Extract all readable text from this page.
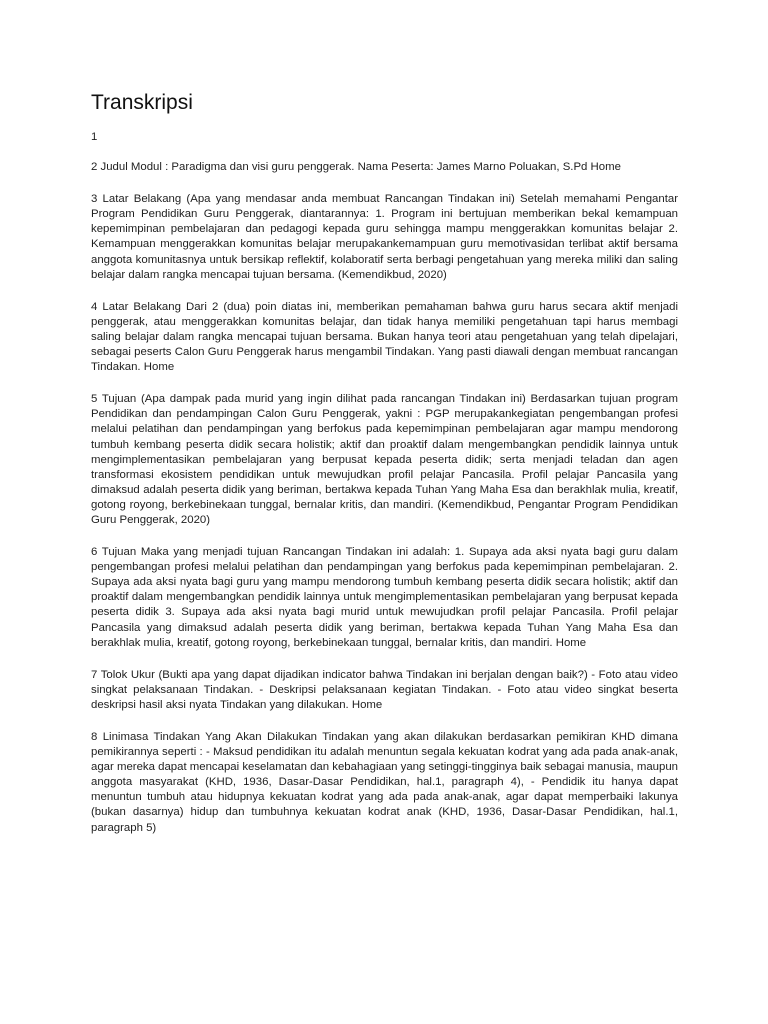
Transkripsi

1

2 Judul Modul : Paradigma dan visi guru penggerak. Nama Peserta: James Marno Poluakan, S.Pd Home

3 Latar Belakang (Apa yang mendasar anda membuat Rancangan Tindakan ini) Setelah memahami Pengantar Program Pendidikan Guru Penggerak, diantarannya: 1. Program ini bertujuan memberikan bekal kemampuan kepemimpinan pembelajaran dan pedagogi kepada guru sehingga mampu menggerakkan komunitas belajar 2. Kemampuan menggerakkan komunitas belajar merupakankemampuan guru memotivasidan terlibat aktif bersama anggota komunitasnya untuk bersikap reflektif, kolaboratif serta berbagi pengetahuan yang mereka miliki dan saling belajar dalam rangka mencapai tujuan bersama. (Kemendikbud, 2020)

4 Latar Belakang Dari 2 (dua) poin diatas ini, memberikan pemahaman bahwa guru harus secara aktif menjadi penggerak, atau menggerakkan komunitas belajar, dan tidak hanya memiliki pengetahuan tapi harus membagi saling belajar dalam rangka mencapai tujuan bersama. Bukan hanya teori atau pengetahuan yang telah dipelajari, sebagai peserts Calon Guru Penggerak harus mengambil Tindakan. Yang pasti diawali dengan membuat rancangan Tindakan. Home

5 Tujuan (Apa dampak pada murid yang ingin dilihat pada rancangan Tindakan ini) Berdasarkan tujuan program Pendidikan dan pendampingan Calon Guru Penggerak, yakni : PGP merupakankegiatan pengembangan profesi melalui pelatihan dan pendampingan yang berfokus pada kepemimpinan pembelajaran agar mampu mendorong tumbuh kembang peserta didik secara holistik; aktif dan proaktif dalam mengembangkan pendidik lainnya untuk mengimplementasikan pembelajaran yang berpusat kepada peserta didik; serta menjadi teladan dan agen transformasi ekosistem pendidikan untuk mewujudkan profil pelajar Pancasila. Profil pelajar Pancasila yang dimaksud adalah peserta didik yang beriman, bertakwa kepada Tuhan Yang Maha Esa dan berakhlak mulia, kreatif, gotong royong, berkebinekaan tunggal, bernalar kritis, dan mandiri. (Kemendikbud, Pengantar Program Pendidikan Guru Penggerak, 2020)

6 Tujuan Maka yang menjadi tujuan Rancangan Tindakan ini adalah: 1. Supaya ada aksi nyata bagi guru dalam pengembangan profesi melalui pelatihan dan pendampingan yang berfokus pada kepemimpinan pembelajaran. 2. Supaya ada aksi nyata bagi guru yang mampu mendorong tumbuh kembang peserta didik secara holistik; aktif dan proaktif dalam mengembangkan pendidik lainnya untuk mengimplementasikan pembelajaran yang berpusat kepada peserta didik 3. Supaya ada aksi nyata bagi murid untuk mewujudkan profil pelajar Pancasila. Profil pelajar Pancasila yang dimaksud adalah peserta didik yang beriman, bertakwa kepada Tuhan Yang Maha Esa dan berakhlak mulia, kreatif, gotong royong, berkebinekaan tunggal, bernalar kritis, dan mandiri. Home

7 Tolok Ukur (Bukti apa yang dapat dijadikan indicator bahwa Tindakan ini berjalan dengan baik?) - Foto atau video singkat pelaksanaan Tindakan. - Deskripsi pelaksanaan kegiatan Tindakan. - Foto atau video singkat beserta deskripsi hasil aksi nyata Tindakan yang dilakukan. Home

8 Linimasa Tindakan Yang Akan Dilakukan Tindakan yang akan dilakukan berdasarkan pemikiran KHD dimana pemikirannya seperti : - Maksud pendidikan itu adalah menuntun segala kekuatan kodrat yang ada pada anak-anak, agar mereka dapat mencapai keselamatan dan kebahagiaan yang setinggi-tingginya baik sebagai manusia, maupun anggota masyarakat (KHD, 1936, Dasar-Dasar Pendidikan, hal.1, paragraph 4), - Pendidik itu hanya dapat menuntun tumbuh atau hidupnya kekuatan kodrat yang ada pada anak-anak, agar dapat memperbaiki lakunya (bukan dasarnya) hidup dan tumbuhnya kekuatan kodrat anak (KHD, 1936, Dasar-Dasar Pendidikan, hal.1, paragraph 5)
